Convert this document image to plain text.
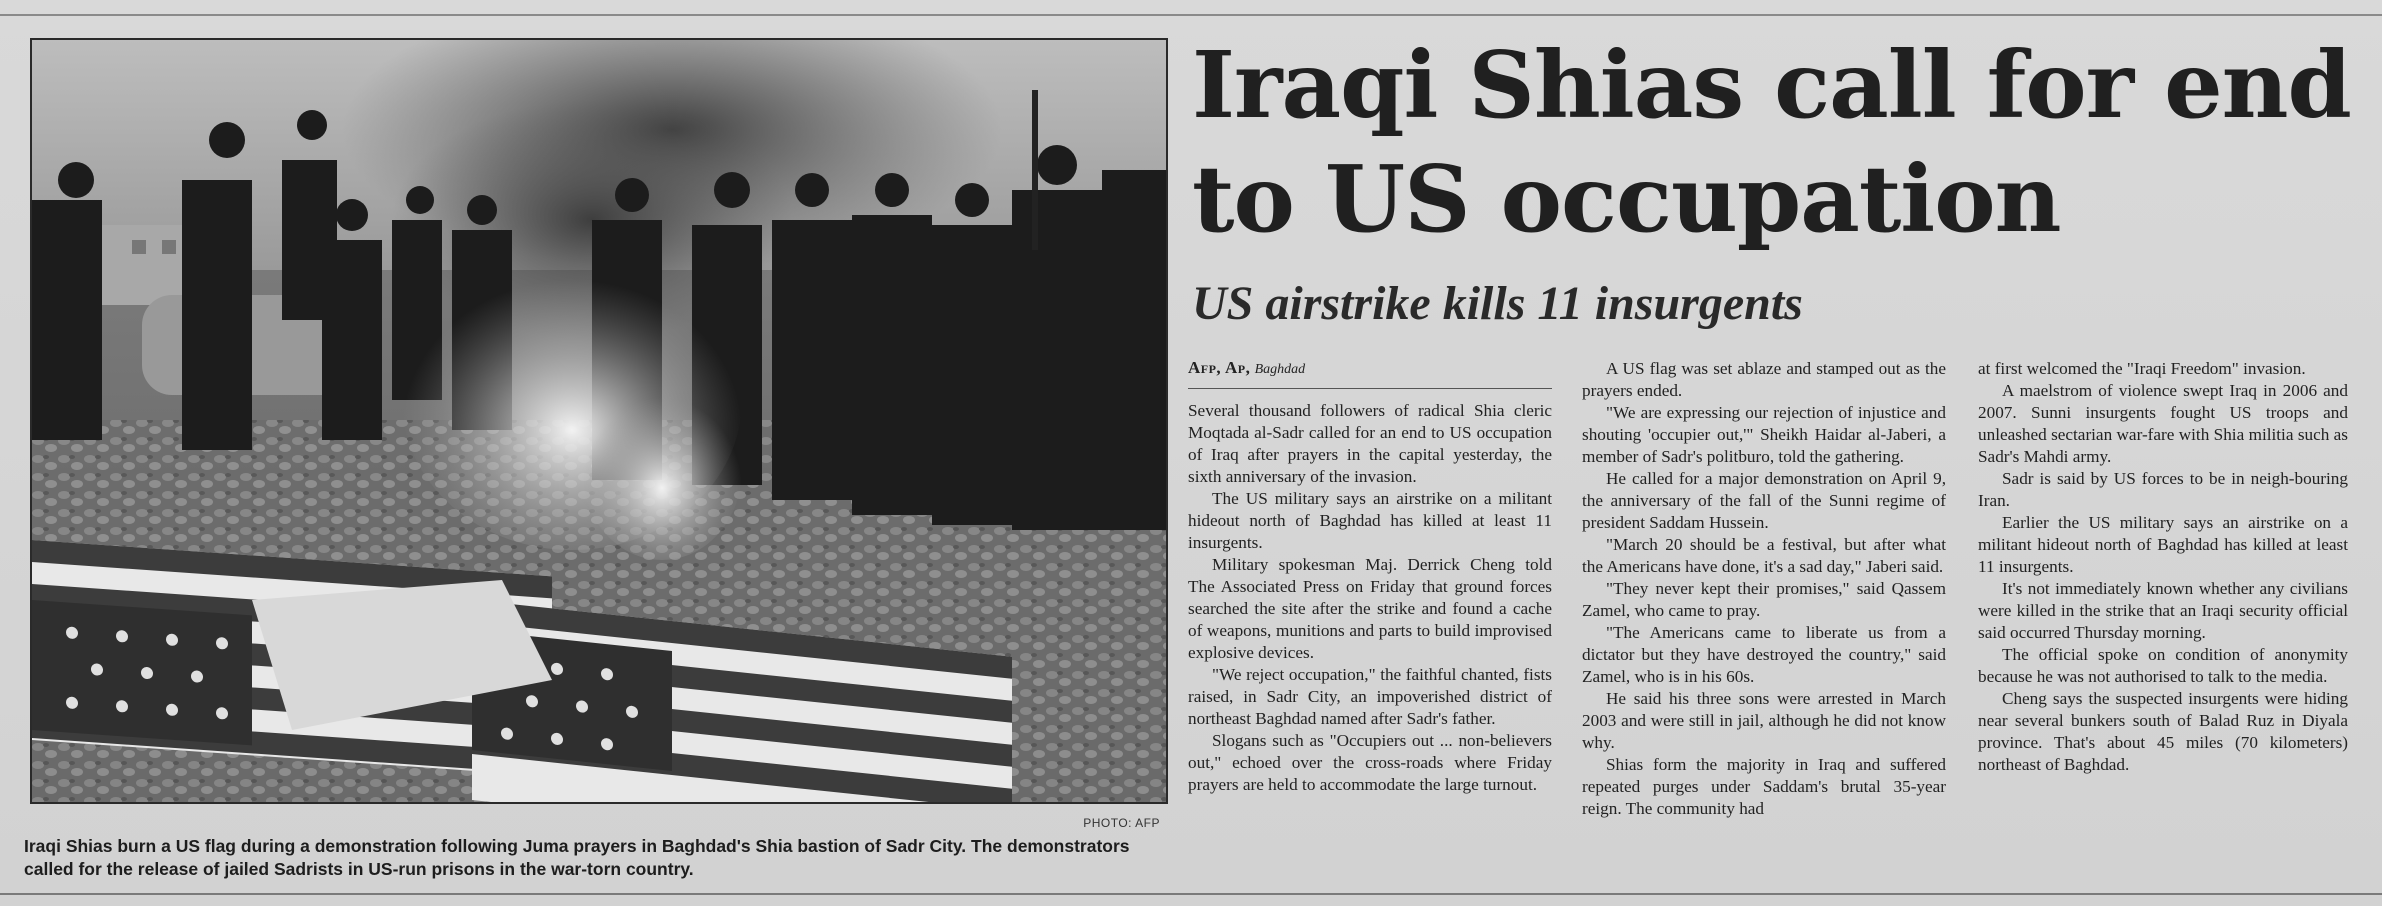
PHOTO: AFP
Iraqi Shias burn a US flag during a demonstration following Juma prayers in Baghdad's Shia bastion of Sadr City. The demonstrators called for the release of jailed Sadrists in US-run prisons in the war-torn country.
Iraqi Shias call for end to US occupation
US airstrike kills 11 insurgents
Afp, Ap, Baghdad

Several thousand followers of radical Shia cleric Moqtada al-Sadr called for an end to US occupation of Iraq after prayers in the capital yesterday, the sixth anniversary of the invasion.

The US military says an airstrike on a militant hideout north of Baghdad has killed at least 11 insurgents.

Military spokesman Maj. Derrick Cheng told The Associated Press on Friday that ground forces searched the site after the strike and found a cache of weapons, munitions and parts to build improvised explosive devices.

"We reject occupation," the faithful chanted, fists raised, in Sadr City, an impoverished district of northeast Baghdad named after Sadr's father.

Slogans such as "Occupiers out ... non-believers out," echoed over the cross-roads where Friday prayers are held to accommodate the large turnout.

A US flag was set ablaze and stamped out as the prayers ended.

"We are expressing our rejection of injustice and shouting 'occupier out,'" Sheikh Haidar al-Jaberi, a member of Sadr's politburo, told the gathering.

He called for a major demonstration on April 9, the anniversary of the fall of the Sunni regime of president Saddam Hussein.

"March 20 should be a festival, but after what the Americans have done, it's a sad day," Jaberi said.

"They never kept their promises," said Qassem Zamel, who came to pray.

"The Americans came to liberate us from a dictator but they have destroyed the country," said Zamel, who is in his 60s.

He said his three sons were arrested in March 2003 and were still in jail, although he did not know why.

Shias form the majority in Iraq and suffered repeated purges under Saddam's brutal 35-year reign. The community had

at first welcomed the "Iraqi Freedom" invasion.

A maelstrom of violence swept Iraq in 2006 and 2007. Sunni insurgents fought US troops and unleashed sectarian war-fare with Shia militia such as Sadr's Mahdi army.

Sadr is said by US forces to be in neigh-bouring Iran.

Earlier the US military says an airstrike on a militant hideout north of Baghdad has killed at least 11 insurgents.

It's not immediately known whether any civilians were killed in the strike that an Iraqi security official said occurred Thursday morning.

The official spoke on condition of anonymity because he was not authorised to talk to the media.

Cheng says the suspected insurgents were hiding near several bunkers south of Balad Ruz in Diyala province. That's about 45 miles (70 kilometers) northeast of Baghdad.
